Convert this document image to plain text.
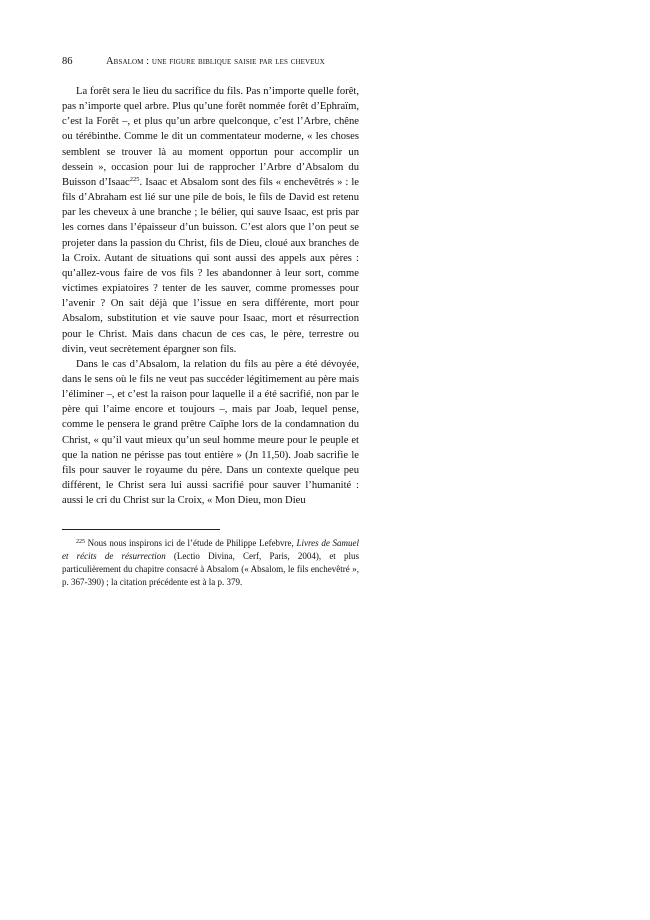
86	Absalom : une figure biblique saisie par les cheveux

La forêt sera le lieu du sacrifice du fils. Pas n’importe quelle forêt, pas n’importe quel arbre. Plus qu’une forêt nommée forêt d’Ephraïm, c’est la Forêt –, et plus qu’un arbre quelconque, c’est l’Arbre, chêne ou térébinthe. Comme le dit un commentateur moderne, « les choses semblent se trouver là au moment opportun pour accomplir un dessein », occasion pour lui de rapprocher l’Arbre d’Absalom du Buisson d’Isaac$^{225}$. Isaac et Absalom sont des fils « enchevêtrés » : le fils d’Abraham est lié sur une pile de bois, le fils de David est retenu par les cheveux à une branche ; le bélier, qui sauve Isaac, est pris par les cornes dans l’épaisseur d’un buisson. C’est alors que l’on peut se projeter dans la passion du Christ, fils de Dieu, cloué aux branches de la Croix. Autant de situations qui sont aussi des appels aux pères : qu’allez-vous faire de vos fils ? les abandonner à leur sort, comme victimes expiatoires ? tenter de les sauver, comme promesses pour l’avenir ? On sait déjà que l’issue en sera différente, mort pour Absalom, substitution et vie sauve pour Isaac, mort et résurrection pour le Christ. Mais dans chacun de ces cas, le père, terrestre ou divin, veut secrètement épargner son fils.

Dans le cas d’Absalom, la relation du fils au père a été dévoyée, dans le sens où le fils ne veut pas succéder légitimement au père mais l’éliminer –, et c’est la raison pour laquelle il a été sacrifié, non par le père qui l’aime encore et toujours –, mais par Joab, lequel pense, comme le pensera le grand prêtre Caïphe lors de la condamnation du Christ, « qu’il vaut mieux qu’un seul homme meure pour le peuple et que la nation ne périsse pas tout entière » (Jn 11,50). Joab sacrifie le fils pour sauver le royaume du père. Dans un contexte quelque peu différent, le Christ sera lui aussi sacrifié pour sauver l’humanité : aussi le cri du Christ sur la Croix, « Mon Dieu, mon Dieu

$^{225}$ Nous nous inspirons ici de l’étude de Philippe Lefebvre, Livres de Samuel et récits de résurrection (Lectio Divina, Cerf, Paris, 2004), et plus particulièrement du chapitre consacré à Absalom (« Absalom, le fils enchevêtré », p. 367-390) ; la citation précédente est à la p. 379.
